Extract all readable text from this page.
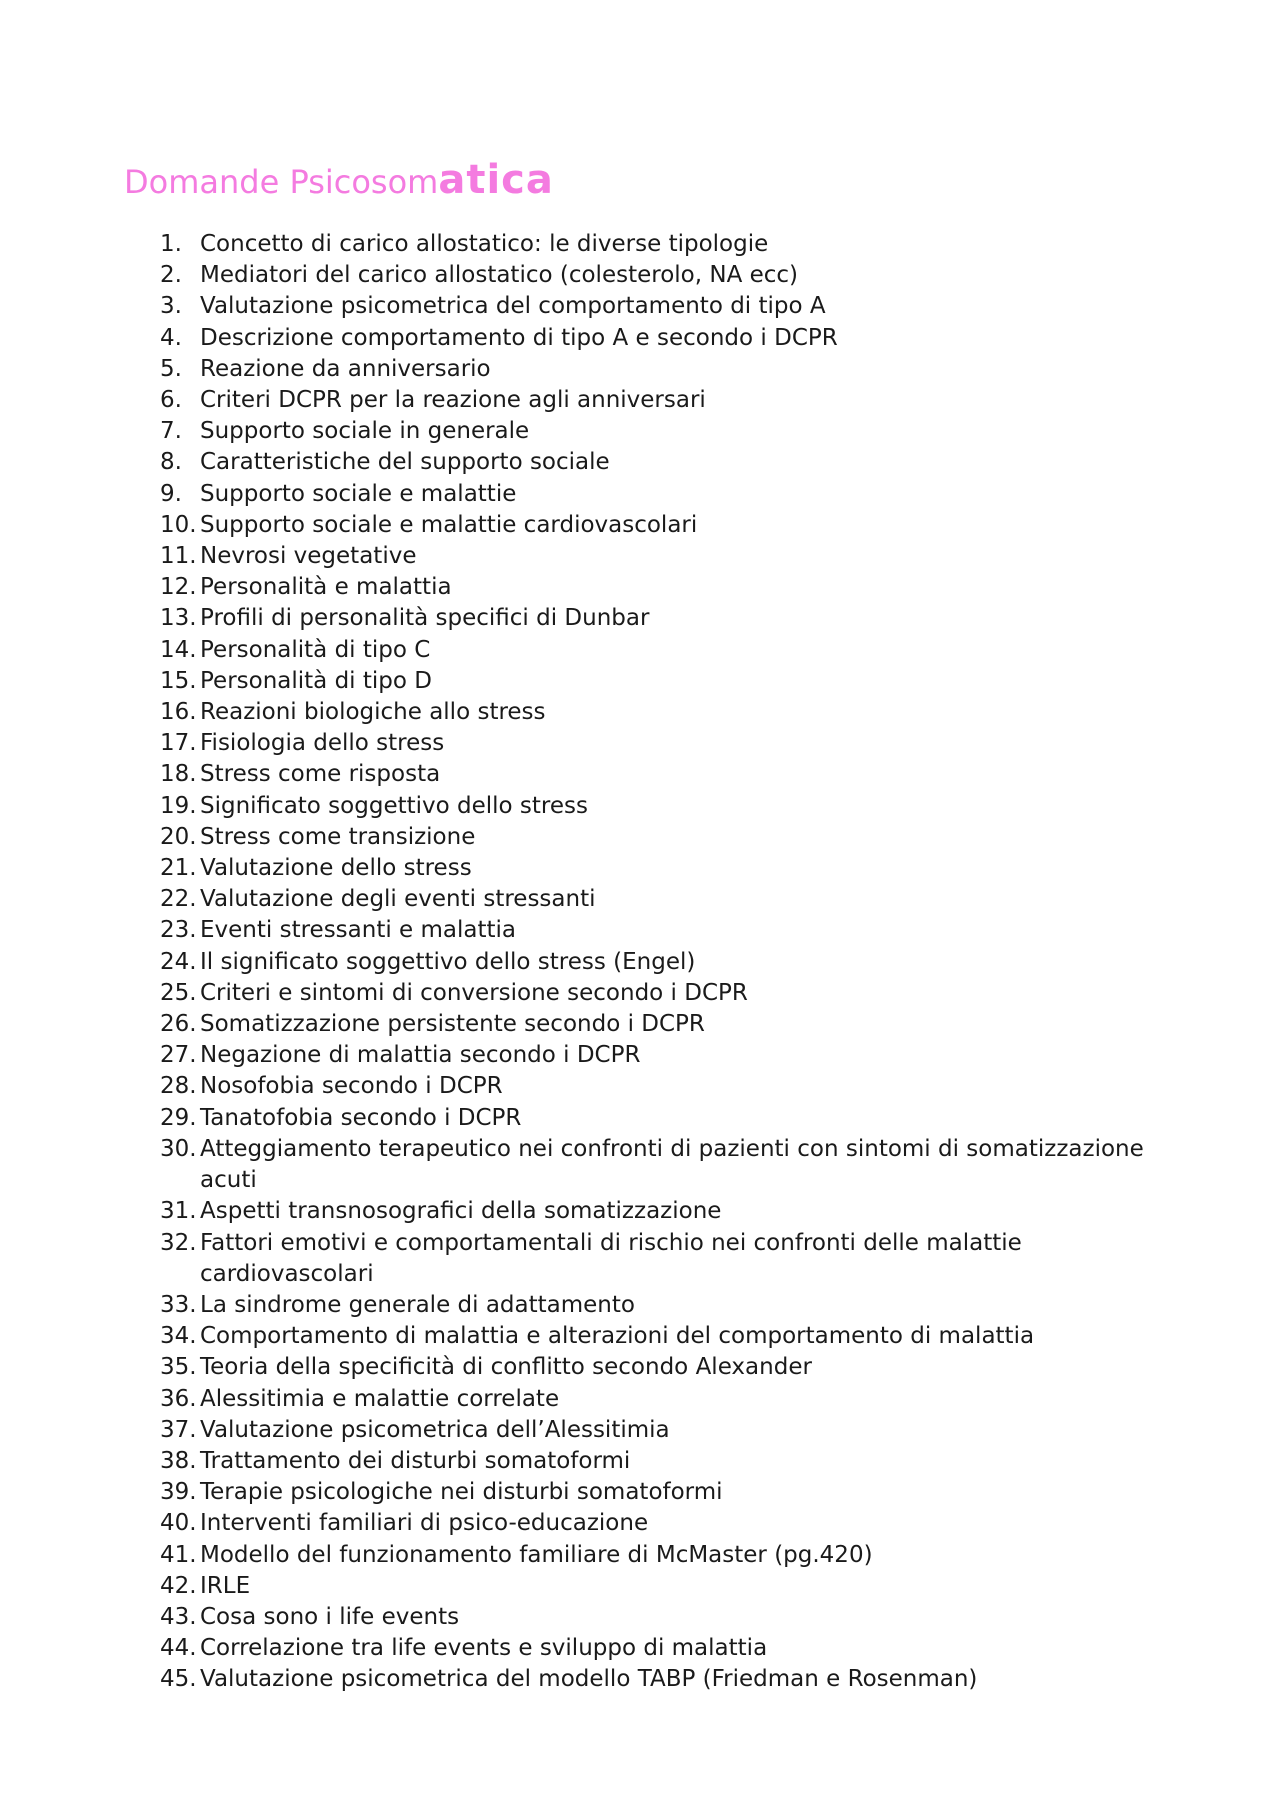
Domande Psicosomatica
1. Concetto di carico allostatico: le diverse tipologie
2. Mediatori del carico allostatico (colesterolo, NA ecc)
3. Valutazione psicometrica del comportamento di tipo A
4. Descrizione comportamento di tipo A e secondo i DCPR
5. Reazione da anniversario
6. Criteri DCPR per la reazione agli anniversari
7. Supporto sociale in generale
8. Caratteristiche del supporto sociale
9. Supporto sociale e malattie
10. Supporto sociale e malattie cardiovascolari
11. Nevrosi vegetative
12. Personalità e malattia
13. Profili di personalità specifici di Dunbar
14. Personalità di tipo C
15. Personalità di tipo D
16. Reazioni biologiche allo stress
17. Fisiologia dello stress
18. Stress come risposta
19. Significato soggettivo dello stress
20. Stress come transizione
21. Valutazione dello stress
22. Valutazione degli eventi stressanti
23. Eventi stressanti e malattia
24. Il significato soggettivo dello stress (Engel)
25. Criteri e sintomi di conversione secondo i DCPR
26. Somatizzazione persistente secondo i DCPR
27. Negazione di malattia secondo i DCPR
28. Nosofobia secondo i DCPR
29. Tanatofobia secondo i DCPR
30. Atteggiamento terapeutico nei confronti di pazienti con sintomi di somatizzazione acuti
31. Aspetti transnosografici della somatizzazione
32. Fattori emotivi e comportamentali di rischio nei confronti delle malattie cardiovascolari
33. La sindrome generale di adattamento
34. Comportamento di malattia e alterazioni del comportamento di malattia
35. Teoria della specificità di conflitto secondo Alexander
36. Alessitimia e malattie correlate
37. Valutazione psicometrica dell’Alessitimia
38. Trattamento dei disturbi somatoformi
39. Terapie psicologiche nei disturbi somatoformi
40. Interventi familiari di psico-educazione
41. Modello del funzionamento familiare di McMaster (pg.420)
42. IRLE
43. Cosa sono i life events
44. Correlazione tra life events e sviluppo di malattia
45. Valutazione psicometrica del modello TABP (Friedman e Rosenman)
